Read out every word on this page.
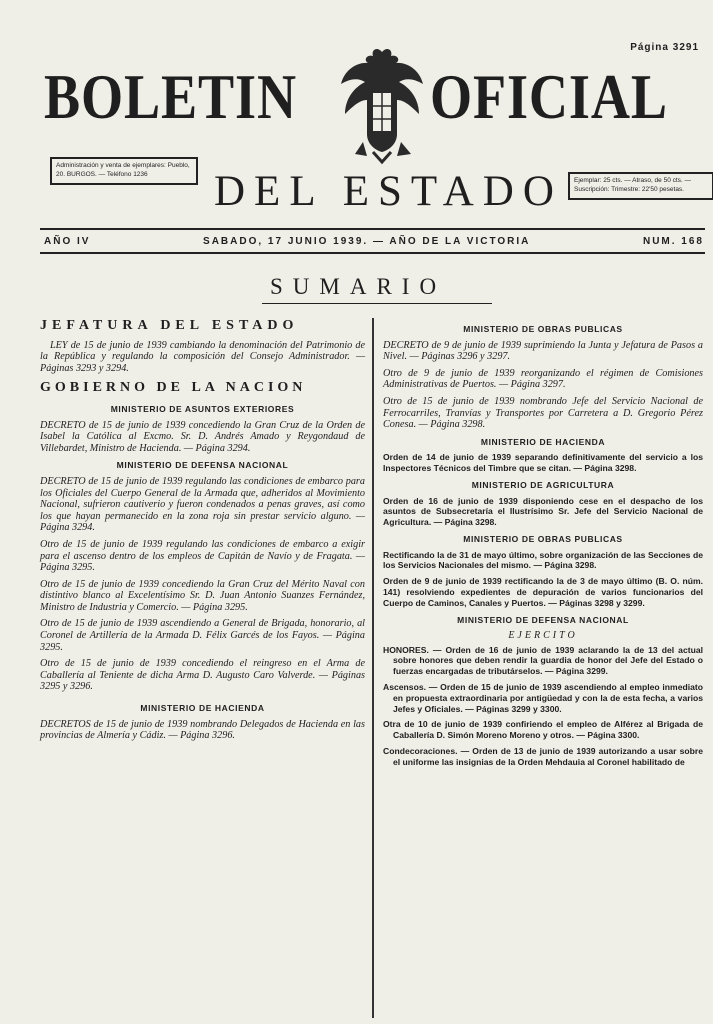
Página 3291
BOLETIN OFICIAL
Administración y venta de ejemplares: Pueblo, 20. BURGOS. — Teléfono 1236	DEL ESTADO	Ejemplar: 25 cts. — Atraso, de 50 cts. — Suscripción: Trimestre: 22'50 pesetas.
AÑO IV	SABADO, 17 JUNIO 1939. — AÑO DE LA VICTORIA	NUM. 168
SUMARIO
JEFATURA DEL ESTADO

LEY de 15 de junio de 1939 cambiando la denominación del Patrimonio de la República y regulando la composición del Consejo Administrador. — Páginas 3293 y 3294.

GOBIERNO DE LA NACION
MINISTERIO DE ASUNTOS EXTERIORES

DECRETO de 15 de junio de 1939 concediendo la Gran Cruz de la Orden de Isabel la Católica al Excmo. Sr. D. Andrés Amado y Reygondaud de Villebardet, Ministro de Hacienda. — Página 3294.

MINISTERIO DE DEFENSA NACIONAL

DECRETO de 15 de junio de 1939 regulando las condiciones de embarco para los Oficiales del Cuerpo General de la Armada que, adheridos al Movimiento Nacional, sufrieron cautiverio y fueron condenados a penas graves, así como los que hayan permanecido en la zona roja sin prestar servicio alguno. — Página 3294.

Otro de 15 de junio de 1939 regulando las condiciones de embarco a exigir para el ascenso dentro de los empleos de Capitán de Navío y de Fragata. — Página 3295.

Otro de 15 de junio de 1939 concediendo la Gran Cruz del Mérito Naval con distintivo blanco al Excelentísimo Sr. D. Juan Antonio Suanzes Fernández, Ministro de Industria y Comercio. — Página 3295.

Otro de 15 de junio de 1939 ascendiendo a General de Brigada, honorario, al Coronel de Artillería de la Armada D. Félix Garcés de los Fayos. — Página 3295.

Otro de 15 de junio de 1939 concediendo el reingreso en el Arma de Caballería al Teniente de dicha Arma D. Augusto Caro Valverde. — Páginas 3295 y 3296.

MINISTERIO DE HACIENDA

DECRETOS de 15 de junio de 1939 nombrando Delegados de Hacienda en las provincias de Almería y Cádiz. — Página 3296.

MINISTERIO DE OBRAS PUBLICAS

DECRETO de 9 de junio de 1939 suprimiendo la Junta y Jefatura de Pasos a Nivel. — Páginas 3296 y 3297.

Otro de 9 de junio de 1939 reorganizando el régimen de Comisiones Administrativas de Puertos. — Página 3297.

Otro de 15 de junio de 1939 nombrando Jefe del Servicio Nacional de Ferrocarriles, Tranvías y Transportes por Carretera a D. Gregorio Pérez Conesa. — Página 3298.

MINISTERIO DE HACIENDA

Orden de 14 de junio de 1939 separando definitivamente del servicio a los Inspectores Técnicos del Timbre que se citan. — Página 3298.

MINISTERIO DE AGRICULTURA

Orden de 16 de junio de 1939 disponiendo cese en el despacho de los asuntos de Subsecretaría el Ilustrísimo Sr. Jefe del Servicio Nacional de Agricultura. — Página 3298.

MINISTERIO DE OBRAS PUBLICAS

Rectificando la de 31 de mayo último, sobre organización de las Secciones de los Servicios Nacionales del mismo. — Página 3298.

Orden de 9 de junio de 1939 rectificando la de 3 de mayo último (B. O. núm. 141) resolviendo expedientes de depuración de varios funcionarios del Cuerpo de Caminos, Canales y Puertos. — Páginas 3298 y 3299.

MINISTERIO DE DEFENSA NACIONAL
EJERCITO

HONORES. — Orden de 16 de junio de 1939 aclarando la de 13 del actual sobre honores que deben rendir la guardia de honor del Jefe del Estado o fuerzas encargadas de tributárselos. — Página 3299.

Ascensos. — Orden de 15 de junio de 1939 ascendiendo al empleo inmediato en propuesta extraordinaria por antigüedad y con la de esta fecha, a varios Jefes y Oficiales. — Páginas 3299 y 3300.

Otra de 10 de junio de 1939 confiriendo el empleo de Alférez al Brigada de Caballería D. Simón Moreno Moreno y otros. — Página 3300.

Condecoraciones. — Orden de 13 de junio de 1939 autorizando a usar sobre el uniforme las insignias de la Orden Mehdauia al Coronel habilitado de
